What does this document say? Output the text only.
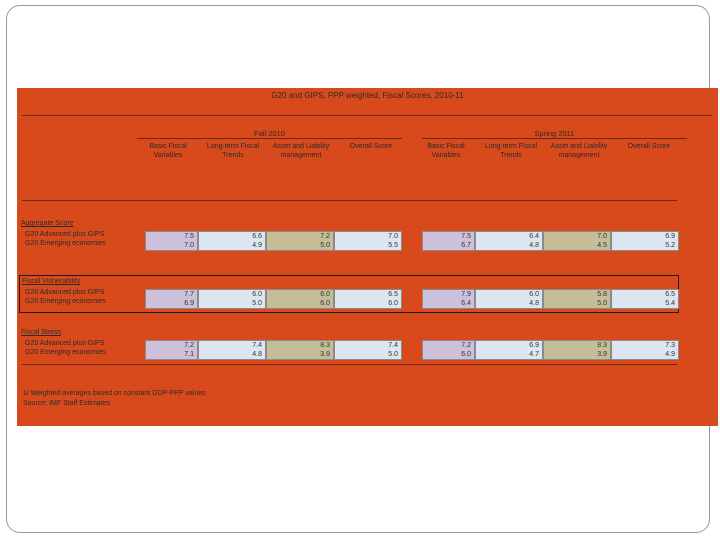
G20 and GIPS, PPP weighted, Fiscal Scores, 2010-11
Fall 2010	Spring 2011
Basic Fiscal Variables
Long-term Fiscal Trends
Asset and Liability management
Overall Score	Basic Fiscal Variables
Long-term Fiscal Trends
Asset and Liability management
Overall Score
Aggregate Score
G20 Advanced plus GIPS
G20 Emerging economies
7.5
7.0
6.6
4.9
7.2
5.0
7.0
5.5
7.5
6.7
6.4
4.8
7.0
4.5
6.9
5.2
Fiscal Vulnerability
G20 Advanced plus GIPS
G20 Emerging economies
7.7
6.9
6.0
5.0
6.0
6.0
6.5
6.0
7.9
6.4
6.0
4.8
5.8
5.0
6.5
5.4
Fiscal Stress
G20 Advanced plus GIPS
G20 Emerging economies
7.2
7.1
7.4
4.8
8.3
3.9
7.4
5.0
7.2
6.0
6.9
4.7
8.3
3.9
7.3
4.9
1/ Weighted averages based on constant GDP-PPP values
Source: IMF Staff Estimates
